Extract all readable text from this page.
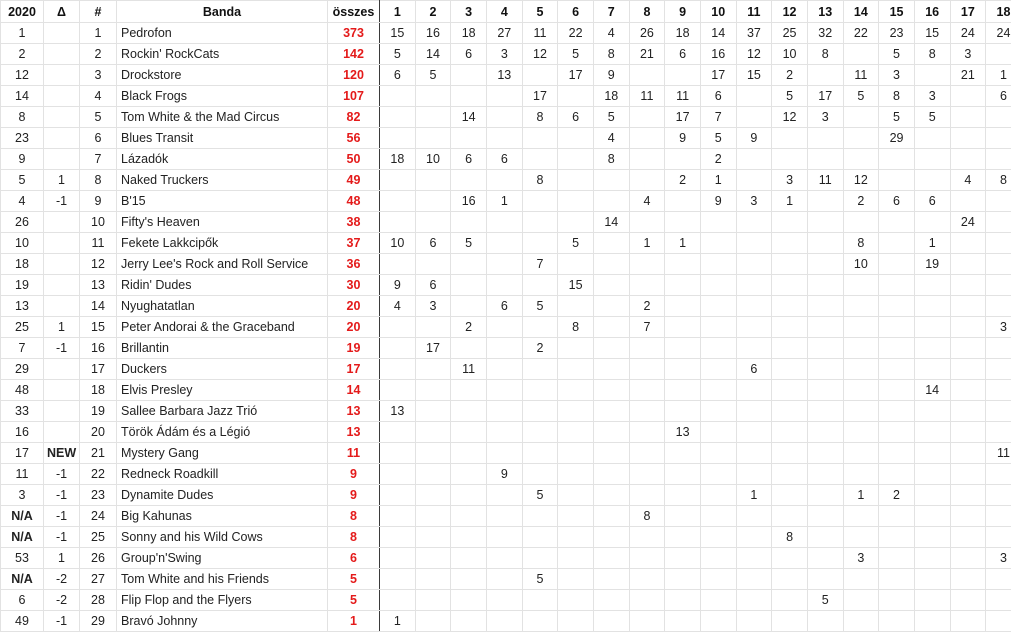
2020	Δ	#	Banda	összes	1	2	3	4	5	6	7	8	9	10	11	12	13	14	15	16	17	18
1		1	Pedrofon	373	15	16	18	27	11	22	4	26	18	14	37	25	32	22	23	15	24	24
2		2	Rockin' RockCats	142	5	14	6	3	12	5	8	21	6	16	12	10	8		5	8	3	
12		3	Drockstore	120	6	5		13		17	9			17	15	2		11	3		21	1
14		4	Black Frogs	107					17		18	11	11	6		5	17	5	8	3		6
8		5	Tom White & the Mad Circus	82			14		8	6	5		17	7		12	3		5	5		
23		6	Blues Transit	56							4		9	5	9				29			
9		7	Lázadók	50	18	10	6	6			8			2								
5	1	8	Naked Truckers	49					8				2	1		3	11	12			4	8
4	-1	9	B'15	48			16	1				4		9	3	1		2	6	6		
26		10	Fifty's Heaven	38							14										24	
10		11	Fekete Lakkcipők	37	10	6	5			5		1	1					8		1		
18		12	Jerry Lee's Rock and Roll Service	36					7									10		19		
19		13	Ridin' Dudes	30	9	6				15												
13		14	Nyughatatlan	20	4	3		6	5			2										
25	1	15	Peter Andorai & the Graceband	20			2			8		7										3
7	-1	16	Brillantin	19		17			2													
29		17	Duckers	17			11								6							
48		18	Elvis Presley	14																14		
33		19	Sallee Barbara Jazz Trió	13	13																	
16		20	Török Ádám és a Légió	13									13									
17	NEW	21	Mystery Gang	11																		11
11	-1	22	Redneck Roadkill	9				9														
3	-1	23	Dynamite Dudes	9					5						1			1	2			
N/A	-1	24	Big Kahunas	8								8										
N/A	-1	25	Sonny and his Wild Cows	8												8						
53	1	26	Group'n'Swing	6														3				3
N/A	-2	27	Tom White and his Friends	5					5													
6	-2	28	Flip Flop and the Flyers	5													5					
49	-1	29	Bravó Johnny	1	1																	
